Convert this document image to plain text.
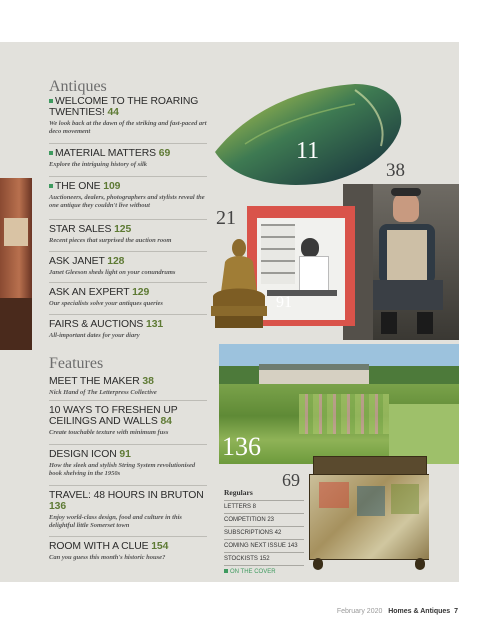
Antiques
WELCOME TO THE ROARING TWENTIES! 44
We look back at the dawn of the striking and fast-paced art deco movement
MATERIAL MATTERS 69
Explore the intriguing history of silk
THE ONE 109
Auctioneers, dealers, photographers and stylists reveal the one antique they couldn't live without
STAR SALES 125
Recent pieces that surprised the auction room
ASK JANET 128
Janet Gleeson sheds light on your conundrums
ASK AN EXPERT 129
Our specialists solve your antiques queries
FAIRS & AUCTIONS 131
All-important dates for your diary
Features
MEET THE MAKER 38
Nick Hand of The Letterpress Collective
10 WAYS TO FRESHEN UP CEILINGS AND WALLS 84
Create touchable texture with minimum fuss
DESIGN ICON 91
How the sleek and stylish String System revolutionised book shelving in the 1950s
TRAVEL: 48 HOURS IN BRUTON 136
Enjoy world-class design, food and culture in this delightful little Somerset town
ROOM WITH A CLUE 154
Can you guess this month's historic house?
11
38
21
91
136
69
Regulars
LETTERS 8
COMPETITION 23
SUBSCRIPTIONS 42
COMING NEXT ISSUE 143
STOCKISTS 152
ON THE COVER
February 2020 Homes & Antiques 7
